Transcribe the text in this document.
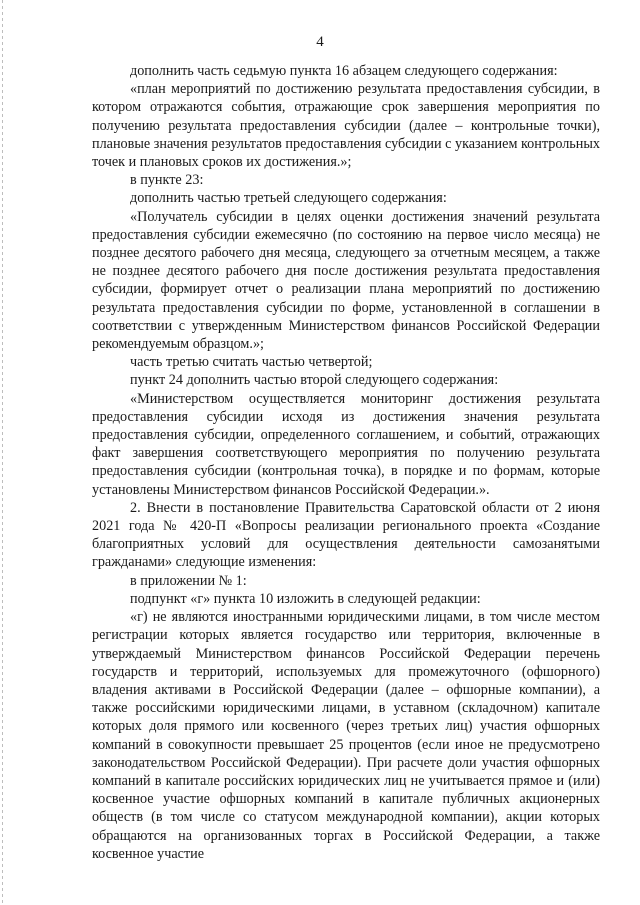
4

дополнить часть седьмую пункта 16 абзацем следующего содержания:

«план мероприятий по достижению результата предоставления субсидии, в котором отражаются события, отражающие срок завершения мероприятия по получению результата предоставления субсидии (далее – контрольные точки), плановые значения результатов предоставления субсидии с указанием контрольных точек и плановых сроков их достижения.»;

в пункте 23:

дополнить частью третьей следующего содержания:

«Получатель субсидии в целях оценки достижения значений результата предоставления субсидии ежемесячно (по состоянию на первое число месяца) не позднее десятого рабочего дня месяца, следующего за отчетным месяцем, а также не позднее десятого рабочего дня после достижения результата предоставления субсидии, формирует отчет о реализации плана мероприятий по достижению результата предоставления субсидии по форме, установленной в соглашении в соответствии с утвержденным Министерством финансов Российской Федерации рекомендуемым образцом.»;

часть третью считать частью четвертой;

пункт 24 дополнить частью второй следующего содержания:

«Министерством осуществляется мониторинг достижения результата предоставления субсидии исходя из достижения значения результата предоставления субсидии, определенного соглашением, и событий, отражающих факт завершения соответствующего мероприятия по получению результата предоставления субсидии (контрольная точка), в порядке и по формам, которые установлены Министерством финансов Российской Федерации.».

2. Внести в постановление Правительства Саратовской области от 2 июня 2021 года № 420-П «Вопросы реализации регионального проекта «Создание благоприятных условий для осуществления деятельности самозанятыми гражданами» следующие изменения:

в приложении № 1:

подпункт «г» пункта 10 изложить в следующей редакции:

«г) не являются иностранными юридическими лицами, в том числе местом регистрации которых является государство или территория, включенные в утверждаемый Министерством финансов Российской Федерации перечень государств и территорий, используемых для промежуточного (офшорного) владения активами в Российской Федерации (далее – офшорные компании), а также российскими юридическими лицами, в уставном (складочном) капитале которых доля прямого или косвенного (через третьих лиц) участия офшорных компаний в совокупности превышает 25 процентов (если иное не предусмотрено законодательством Российской Федерации). При расчете доли участия офшорных компаний в капитале российских юридических лиц не учитывается прямое и (или) косвенное участие офшорных компаний в капитале публичных акционерных обществ (в том числе со статусом международной компании), акции которых обращаются на организованных торгах в Российской Федерации, а также косвенное участие
